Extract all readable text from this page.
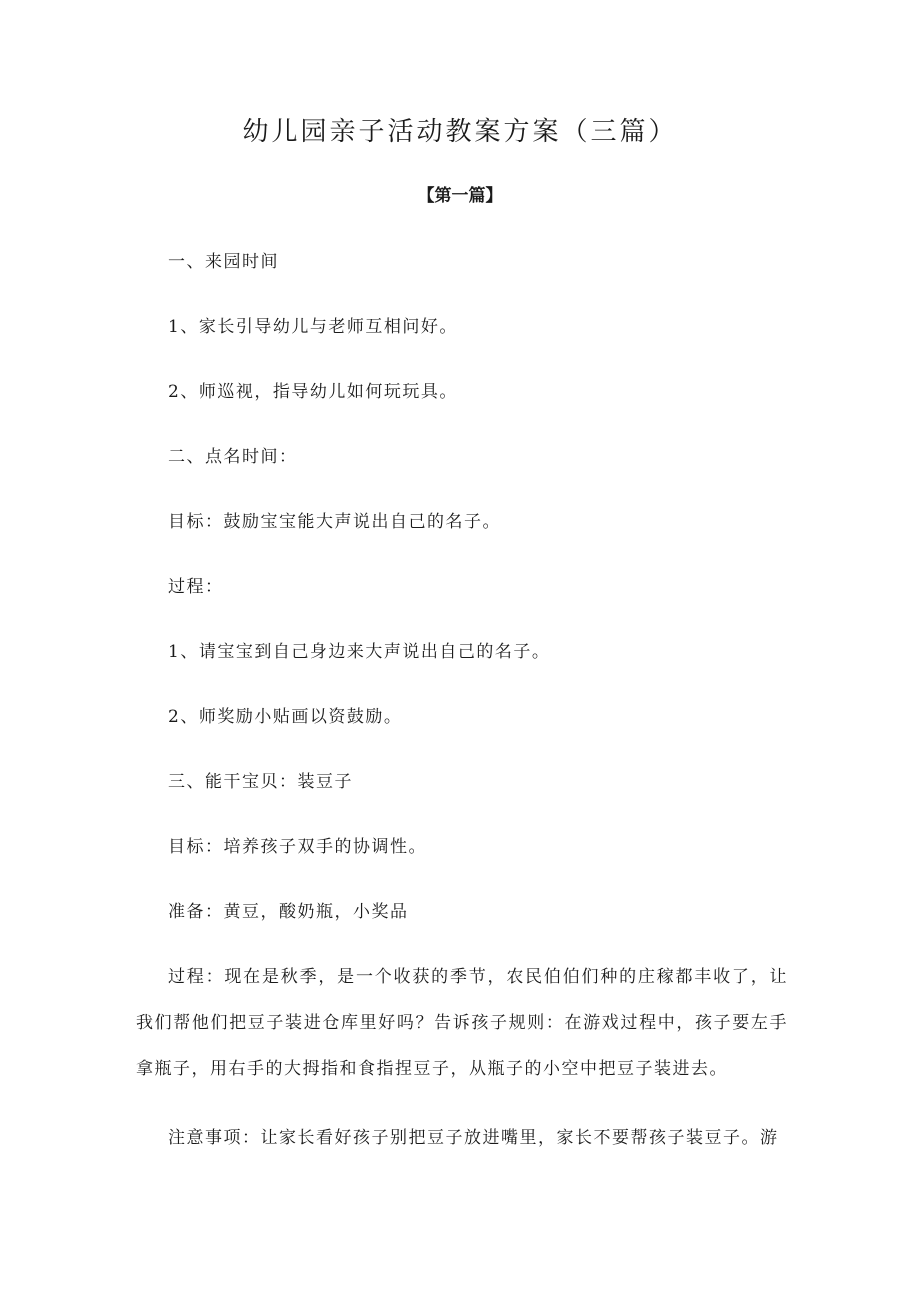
幼儿园亲子活动教案方案（三篇）
【第一篇】
一、来园时间
1、家长引导幼儿与老师互相问好。
2、师巡视，指导幼儿如何玩玩具。
二、点名时间：
目标：鼓励宝宝能大声说出自己的名子。
过程：
1、请宝宝到自己身边来大声说出自己的名子。
2、师奖励小贴画以资鼓励。
三、能干宝贝：装豆子
目标：培养孩子双手的协调性。
准备：黄豆，酸奶瓶，小奖品
过程：现在是秋季，是一个收获的季节，农民伯伯们种的庄稼都丰收了，让我们帮他们把豆子装进仓库里好吗？告诉孩子规则：在游戏过程中，孩子要左手拿瓶子，用右手的大拇指和食指捏豆子，从瓶子的小空中把豆子装进去。
注意事项：让家长看好孩子别把豆子放进嘴里，家长不要帮孩子装豆子。游
